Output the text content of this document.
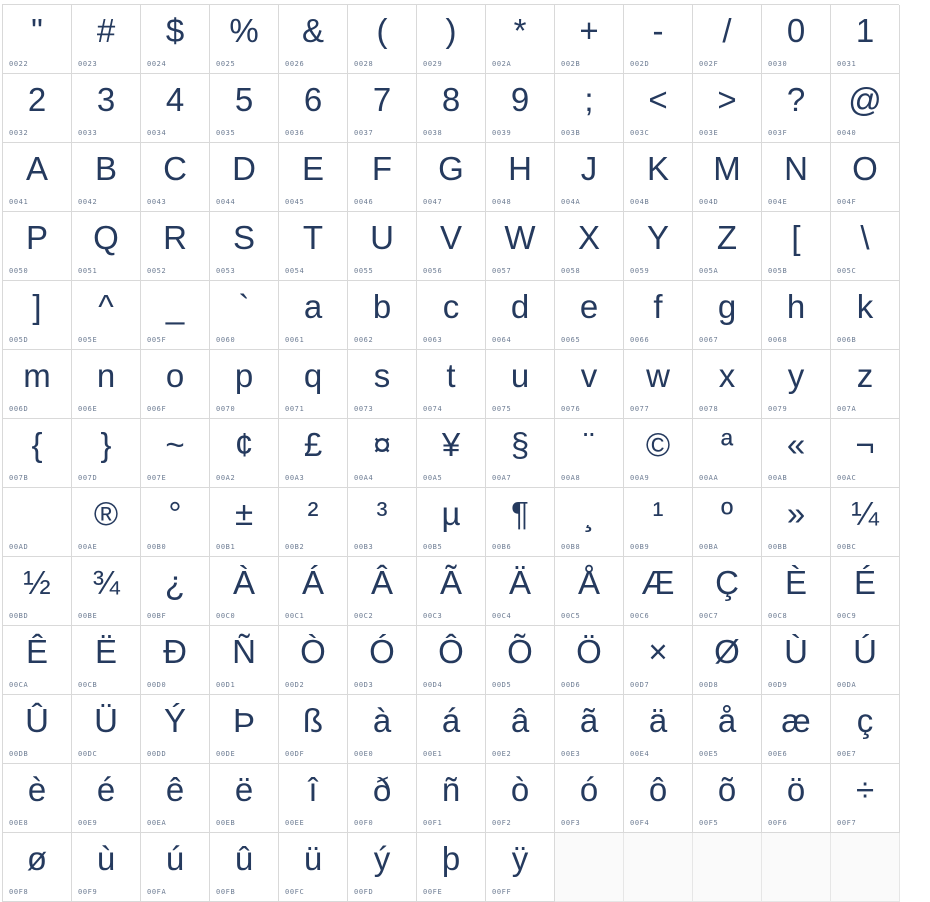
"
0022
#
0023
$
0024
%
0025
&
0026
(
0028
)
0029
*
002A
+
002B
-
002D
/
002F
0
0030
1
0031
2
0032
3
0033
4
0034
5
0035
6
0036
7
0037
8
0038
9
0039
;
003B
<
003C
>
003E
?
003F
@
0040
A
0041
B
0042
C
0043
D
0044
E
0045
F
0046
G
0047
H
0048
J
004A
K
004B
M
004D
N
004E
O
004F
P
0050
Q
0051
R
0052
S
0053
T
0054
U
0055
V
0056
W
0057
X
0058
Y
0059
Z
005A
[
005B
\
005C
]
005D
^
005E
_
005F
`
0060
a
0061
b
0062
c
0063
d
0064
e
0065
f
0066
g
0067
h
0068
k
006B
m
006D
n
006E
o
006F
p
0070
q
0071
s
0073
t
0074
u
0075
v
0076
w
0077
x
0078
y
0079
z
007A
{
007B
}
007D
~
007E
¢
00A2
£
00A3
¤
00A4
¥
00A5
§
00A7
¨
00A8
©
00A9
ª
00AA
«
00AB
¬
00AC
00AD
®
00AE
°
00B0
±
00B1
²
00B2
³
00B3
µ
00B5
¶
00B6
¸
00B8
¹
00B9
º
00BA
»
00BB
¼
00BC
½
00BD
¾
00BE
¿
00BF
À
00C0
Á
00C1
Â
00C2
Ã
00C3
Ä
00C4
Å
00C5
Æ
00C6
Ç
00C7
È
00C8
É
00C9
Ê
00CA
Ë
00CB
Ð
00D0
Ñ
00D1
Ò
00D2
Ó
00D3
Ô
00D4
Õ
00D5
Ö
00D6
×
00D7
Ø
00D8
Ù
00D9
Ú
00DA
Û
00DB
Ü
00DC
Ý
00DD
Þ
00DE
ß
00DF
à
00E0
á
00E1
â
00E2
ã
00E3
ä
00E4
å
00E5
æ
00E6
ç
00E7
è
00E8
é
00E9
ê
00EA
ë
00EB
î
00EE
ð
00F0
ñ
00F1
ò
00F2
ó
00F3
ô
00F4
õ
00F5
ö
00F6
÷
00F7
ø
00F8
ù
00F9
ú
00FA
û
00FB
ü
00FC
ý
00FD
þ
00FE
ÿ
00FF
